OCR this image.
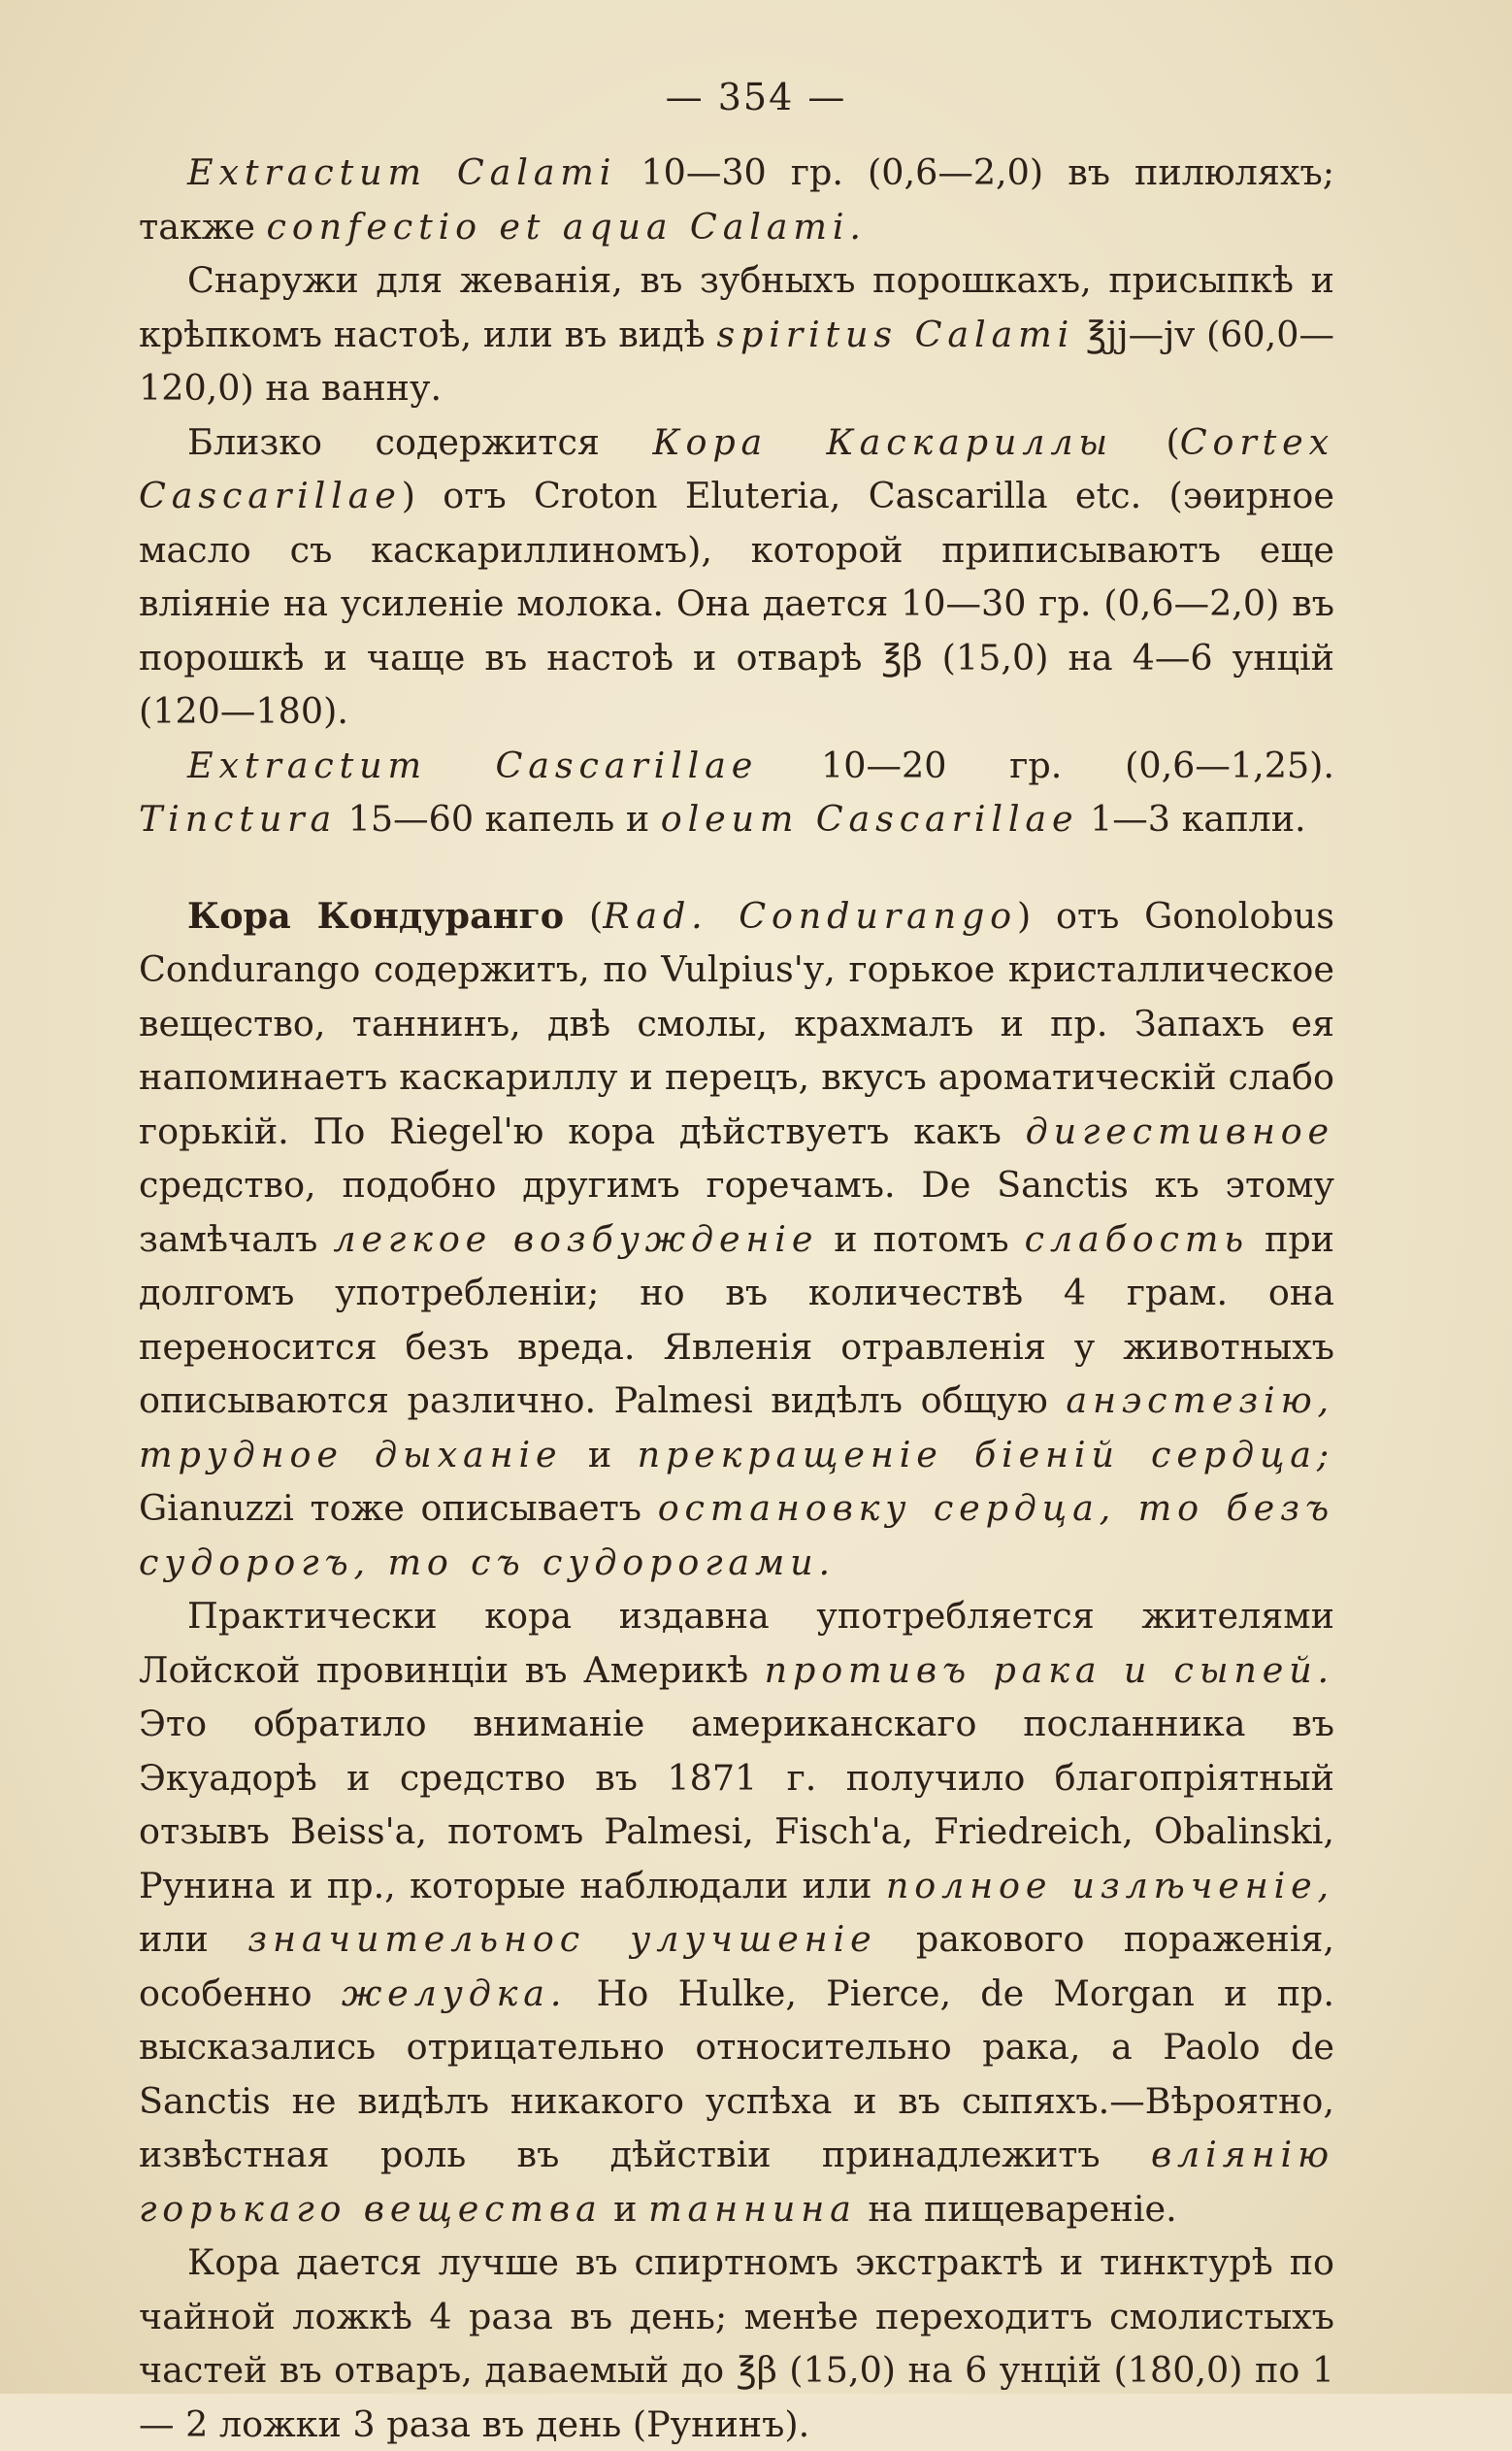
— 354 —

Extractum Calami 10—30 гр. (0,6—2,0) въ пилюляхъ; также confectio et aqua Calami.

Снаружи для жеванія, въ зубныхъ порошкахъ, присыпкѣ и крѣпкомъ настоѣ, или въ видѣ spiritus Calami ℥jj—jv (60,0—120,0) на ванну.

Близко содержится Кора Каскариллы (Cortex Cascarillae) отъ Croton Eluteria, Cascarilla etc. (эѳирное масло съ каскариллиномъ), которой приписываютъ еще вліяніе на усиленіе молока. Она дается 10—30 гр. (0,6—2,0) въ порошкѣ и чаще въ настоѣ и отварѣ ℥β (15,0) на 4—6 унцій (120—180).

Extractum Cascarillae 10—20 гр. (0,6—1,25). Tinctura 15—60 капель и oleum Cascarillae 1—3 капли.

Кора Кондуранго (Rad. Condurango) отъ Gonolobus Condurango содержитъ, по Vulpius'у, горькое кристаллическое вещество, таннинъ, двѣ смолы, крахмалъ и пр. Запахъ ея напоминаетъ каскариллу и перецъ, вкусъ ароматическій слабо горькій. По Riegel'ю кора дѣйствуетъ какъ дигестивное средство, подобно другимъ горечамъ. De Sanctis къ этому замѣчалъ легкое возбужденіе и потомъ слабость при долгомъ употребленіи; но въ количествѣ 4 грам. она переносится безъ вреда. Явленія отравленія у животныхъ описываются различно. Palmesi видѣлъ общую анэстезію, трудное дыханіе и прекращеніе біеній сердца; Gianuzzi тоже описываетъ остановку сердца, то безъ судорогъ, то съ судорогами.

Практически кора издавна употребляется жителями Лойской провинціи въ Америкѣ противъ рака и сыпей. Это обратило вниманіе американскаго посланника въ Экуадорѣ и средство въ 1871 г. получило благопріятный отзывъ Beiss'а, потомъ Palmesi, Fisch'a, Friedreich, Obalinski, Рунина и пр., которые наблюдали или полное излѣченіе, или значительнос улучшеніе ракового пораженія, особенно желудка. Но Hulke, Pierce, de Morgan и пр. высказались отрицательно относительно рака, а Paolo de Sanctis не видѣлъ никакого успѣха и въ сыпяхъ.—Вѣроятно, извѣстная роль въ дѣйствіи принадлежитъ вліянію горькаго вещества и таннина на пищевареніе.

Кора дается лучше въ спиртномъ экстрактѣ и тинктурѣ по чайной ложкѣ 4 раза въ день; менѣе переходитъ смолистыхъ частей въ отваръ, даваемый до ℥β (15,0) на 6 унцій (180,0) по 1 — 2 ложки 3 раза въ день (Рунинъ).
